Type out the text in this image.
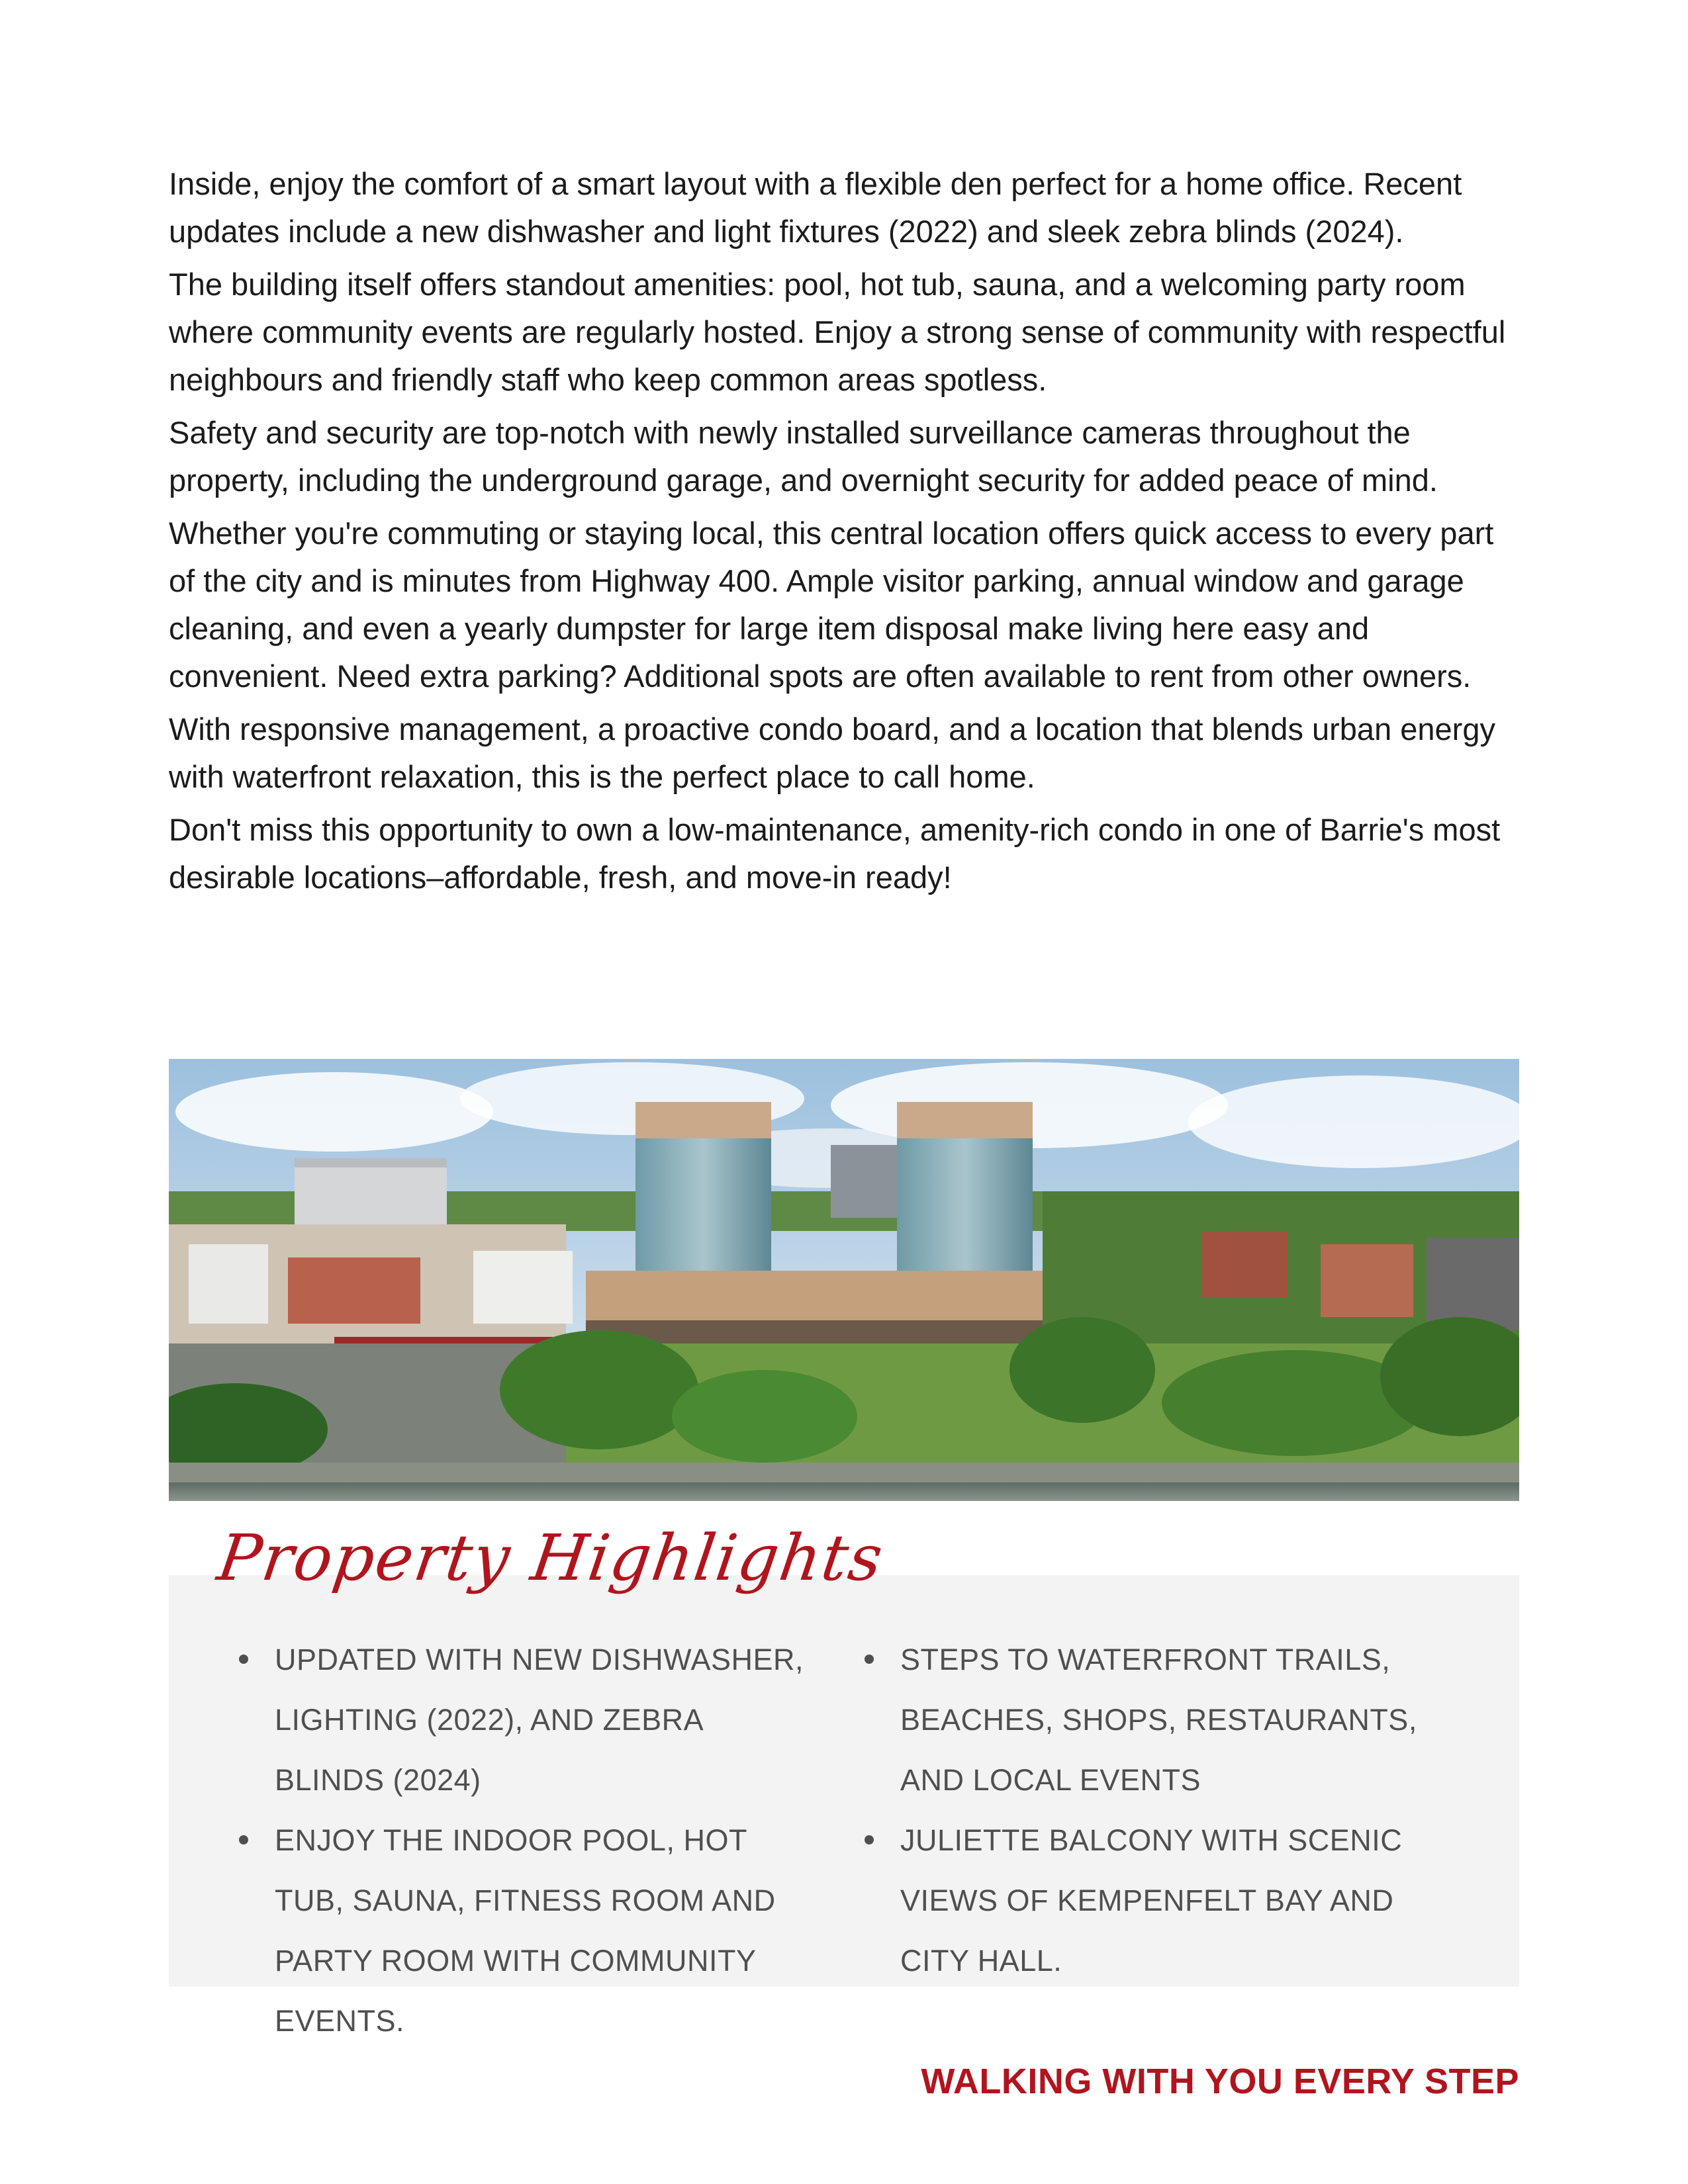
Inside, enjoy the comfort of a smart layout with a flexible den perfect for a home office. Recent updates include a new dishwasher and light fixtures (2022) and sleek zebra blinds (2024).

The building itself offers standout amenities: pool, hot tub, sauna, and a welcoming party room where community events are regularly hosted. Enjoy a strong sense of community with respectful neighbours and friendly staff who keep common areas spotless.

Safety and security are top-notch with newly installed surveillance cameras throughout the property, including the underground garage, and overnight security for added peace of mind.

Whether you're commuting or staying local, this central location offers quick access to every part of the city and is minutes from Highway 400. Ample visitor parking, annual window and garage cleaning, and even a yearly dumpster for large item disposal make living here easy and convenient. Need extra parking? Additional spots are often available to rent from other owners.

With responsive management, a proactive condo board, and a location that blends urban energy with waterfront relaxation, this is the perfect place to call home.

Don't miss this opportunity to own a low-maintenance, amenity-rich condo in one of Barrie's most desirable locations–affordable, fresh, and move-in ready!

Property Highlights
UPDATED WITH NEW DISHWASHER, LIGHTING (2022), AND ZEBRA BLINDS (2024)
ENJOY THE INDOOR POOL, HOT TUB, SAUNA, FITNESS ROOM AND PARTY ROOM WITH COMMUNITY EVENTS.
STEPS TO WATERFRONT TRAILS, BEACHES, SHOPS, RESTAURANTS, AND LOCAL EVENTS
JULIETTE BALCONY WITH SCENIC VIEWS OF KEMPENFELT BAY AND CITY HALL.
WALKING WITH YOU EVERY STEP
